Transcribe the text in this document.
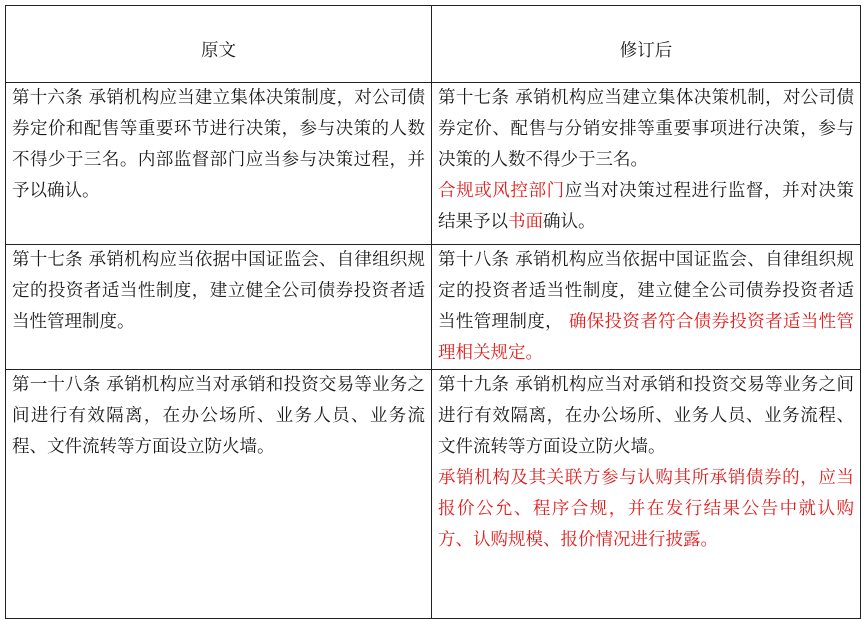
原文	修订后
第十六条 承销机构应当建立集体决策制度，对公司债券定价和配售等重要环节进行决策，参与决策的人数不得少于三名。内部监督部门应当参与决策过程，并予以确认。	第十七条 承销机构应当建立集体决策机制，对公司债券定价、配售与分销安排等重要事项进行决策，参与决策的人数不得少于三名。
合规或风控部门应当对决策过程进行监督，并对决策结果予以书面确认。
第十七条 承销机构应当依据中国证监会、自律组织规定的投资者适当性制度，建立健全公司债券投资者适当性管理制度。	第十八条 承销机构应当依据中国证监会、自律组织规定的投资者适当性制度，建立健全公司债券投资者适当性管理制度， 确保投资者符合债券投资者适当性管理相关规定。
第一十八条 承销机构应当对承销和投资交易等业务之间进行有效隔离，在办公场所、业务人员、业务流程、文件流转等方面设立防火墙。	第十九条 承销机构应当对承销和投资交易等业务之间进行有效隔离，在办公场所、业务人员、业务流程、文件流转等方面设立防火墙。
承销机构及其关联方参与认购其所承销债券的，应当报价公允、程序合规，并在发行结果公告中就认购方、认购规模、报价情况进行披露。
